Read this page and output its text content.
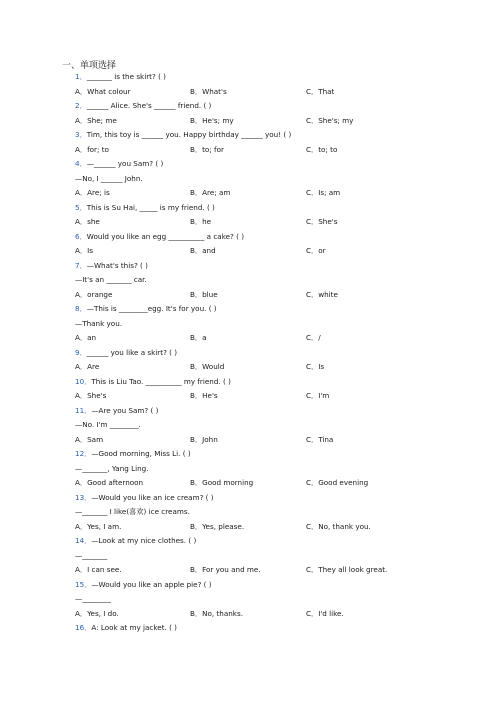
一、单项选择
1．_______ is the skirt? ( )
A．What colour	B．What's	C．That
2．______ Alice. She's ______ friend. ( )
A．She; me	B．He's; my	C．She's; my
3．Tim, this toy is ______ you. Happy birthday ______ you! ( )
A．for; to	B．to; for	C．to; to
4．—______ you Sam? ( )
—No, I ______ John.
A．Are; is	B．Are; am	C．Is; am
5．This is Su Hai, _____ is my friend. ( )
A．she	B．he	C．She's
6．Would you like an egg __________ a cake? ( )
A．Is	B．and	C．or
7．—What's this? ( )
—It's an _______ car.
A．orange	B．blue	C．white
8．—This is ________egg. It's for you. ( )
—Thank you.
A．an	B．a	C．/
9．______ you like a skirt? ( )
A．Are	B．Would	C．Is
10．This is Liu Tao. __________ my friend. ( )
A．She's	B．He's	C．I'm
11．—Are you Sam? ( )
—No. I'm ________.
A．Sam	B．John	C．Tina
12．—Good morning, Miss Li. ( )
—_______, Yang Ling.
A．Good afternoon	B．Good morning	C．Good evening
13．—Would you like an ice cream? ( )
—_______ I like(喜欢) ice creams.
A．Yes, I am.	B．Yes, please.	C．No, thank you.
14．—Look at my nice clothes. ( )
—_______
A．I can see.	B．For you and me.	C．They all look great.
15．—Would you like an apple pie? ( )
—________
A．Yes, I do.	B．No, thanks.	C．I'd like.
16．A: Look at my jacket. ( )
